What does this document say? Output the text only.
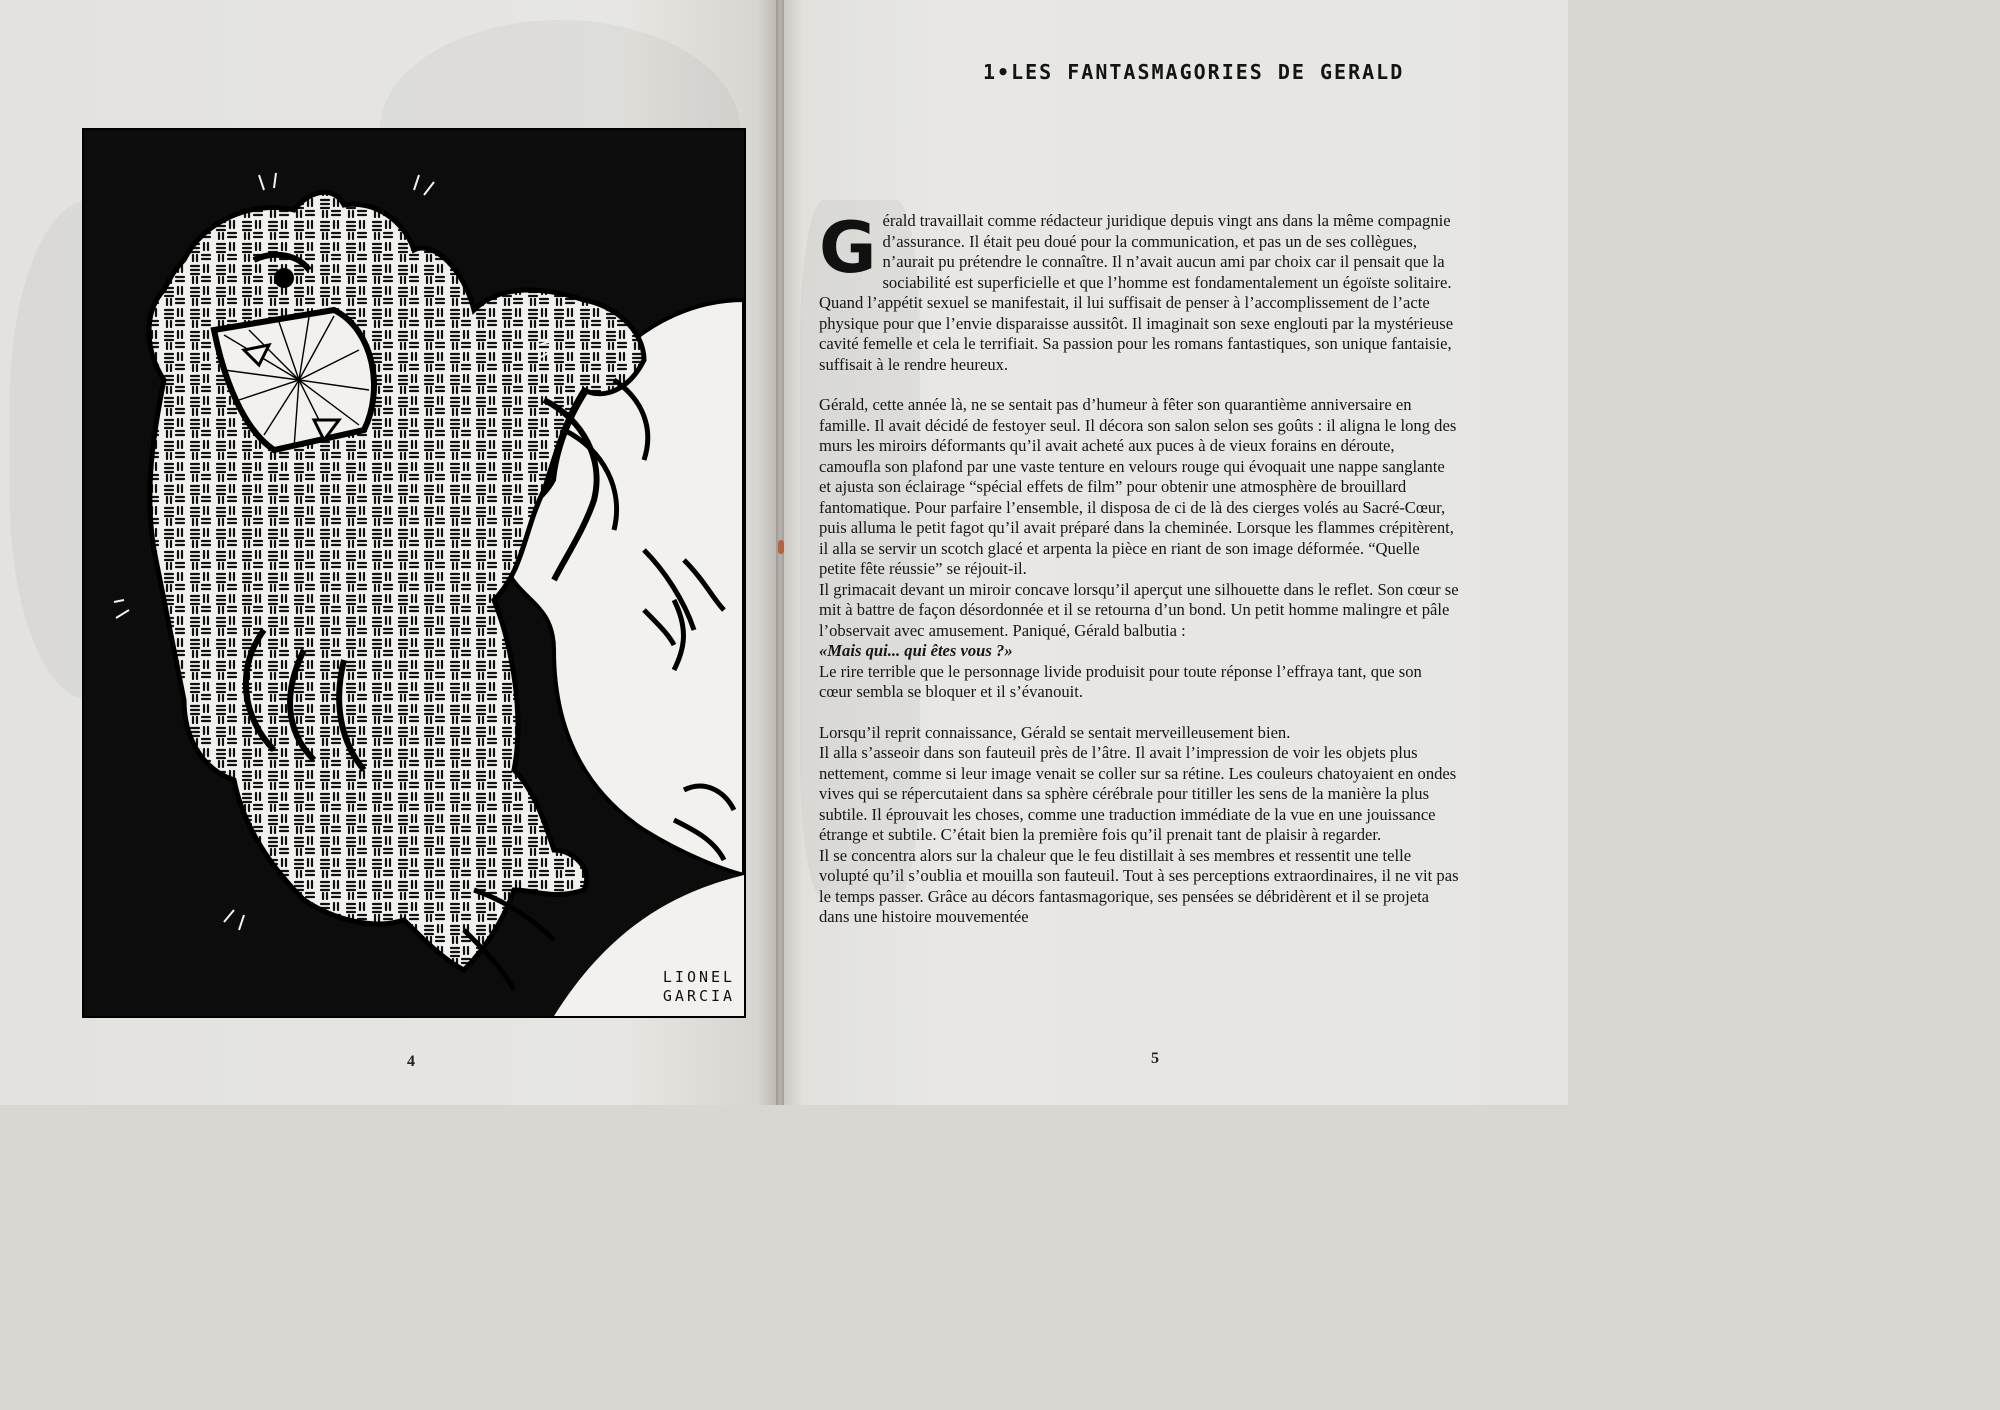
LIONEL
GARCIA
4
1•LES FANTASMAGORIES DE GERALD

Gérald travaillait comme rédacteur juridique depuis vingt ans dans la même compagnie d’assurance. Il était peu doué pour la communication, et pas un de ses collègues, n’aurait pu prétendre le connaître. Il n’avait aucun ami par choix car il pensait que la sociabilité est superficielle et que l’homme est fondamentalement un égoïste solitaire. Quand l’appétit sexuel se manifestait, il lui suffisait de penser à l’accomplissement de l’acte physique pour que l’envie disparaisse aussitôt. Il imaginait son sexe englouti par la mystérieuse cavité femelle et cela le terrifiait. Sa passion pour les romans fantastiques, son unique fantaisie, suffisait à le rendre heureux.

Gérald, cette année là, ne se sentait pas d’humeur à fêter son quarantième anniversaire en famille. Il avait décidé de festoyer seul. Il décora son salon selon ses goûts : il aligna le long des murs les miroirs déformants qu’il avait acheté aux puces à de vieux forains en déroute, camoufla son plafond par une vaste tenture en velours rouge qui évoquait une nappe sanglante et ajusta son éclairage “spécial effets de film” pour obtenir une atmosphère de brouillard fantomatique. Pour parfaire l’ensemble, il disposa de ci de là des cierges volés au Sacré-Cœur, puis alluma le petit fagot qu’il avait préparé dans la cheminée. Lorsque les flammes crépitèrent, il alla se servir un scotch glacé et arpenta la pièce en riant de son image déformée. “Quelle petite fête réussie” se réjouit-il.

Il grimacait devant un miroir concave lorsqu’il aperçut une silhouette dans le reflet. Son cœur se mit à battre de façon désordonnée et il se retourna d’un bond. Un petit homme malingre et pâle l’observait avec amusement. Paniqué, Gérald balbutia :

«Mais qui... qui êtes vous ?»

Le rire terrible que le personnage livide produisit pour toute réponse l’effraya tant, que son cœur sembla se bloquer et il s’évanouit.

Lorsqu’il reprit connaissance, Gérald se sentait merveilleusement bien.

Il alla s’asseoir dans son fauteuil près de l’âtre. Il avait l’impression de voir les objets plus nettement, comme si leur image venait se coller sur sa rétine. Les couleurs chatoyaient en ondes vives qui se répercutaient dans sa sphère cérébrale pour titiller les sens de la manière la plus subtile. Il éprouvait les choses, comme une traduction immédiate de la vue en une jouissance étrange et subtile. C’était bien la première fois qu’il prenait tant de plaisir à regarder.

Il se concentra alors sur la chaleur que le feu distillait à ses membres et ressentit une telle volupté qu’il s’oublia et mouilla son fauteuil. Tout à ses perceptions extraordinaires, il ne vit pas le temps passer. Grâce au décors fantasmagorique, ses pensées se débridèrent et il se projeta dans une histoire mouvementée

5
